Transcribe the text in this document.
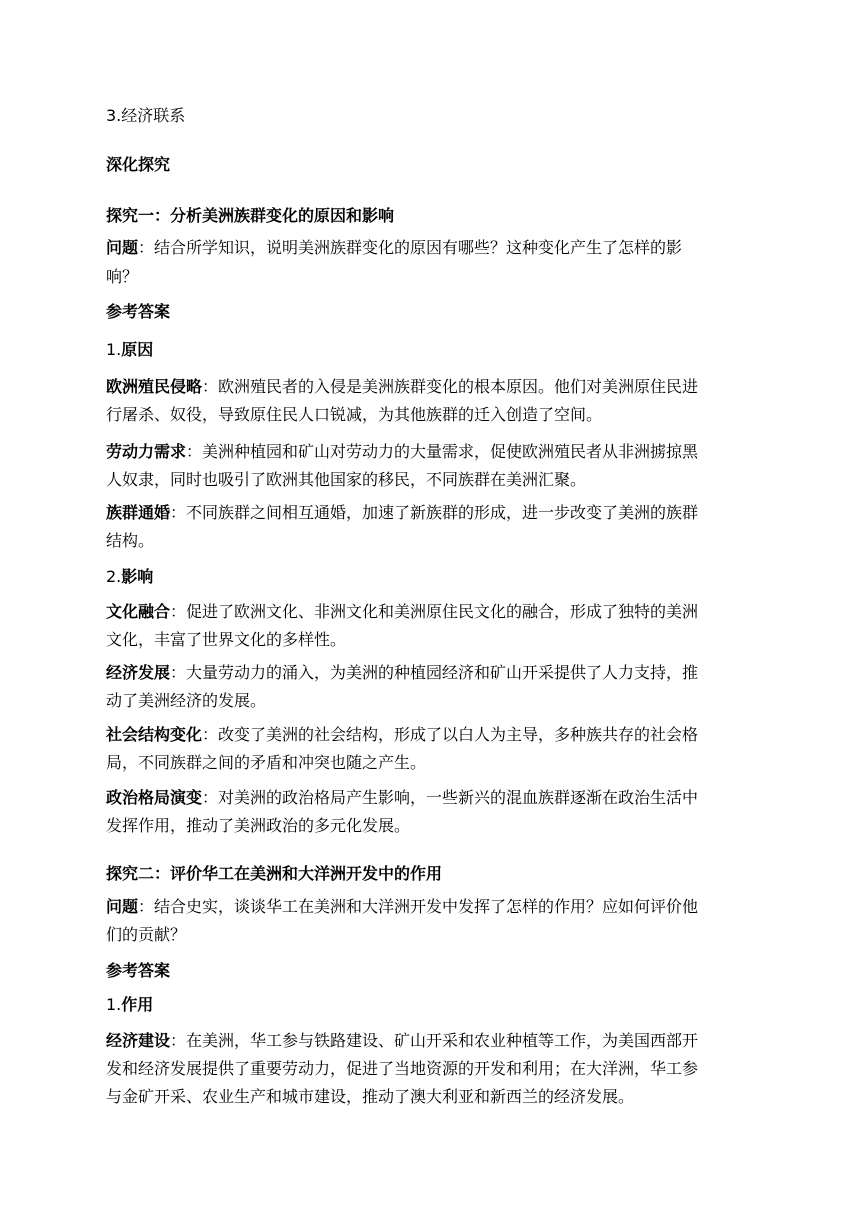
3.经济联系
深化探究
探究一：分析美洲族群变化的原因和影响
问题：结合所学知识，说明美洲族群变化的原因有哪些？这种变化产生了怎样的影
响？
参考答案
1.原因
欧洲殖民侵略：欧洲殖民者的入侵是美洲族群变化的根本原因。他们对美洲原住民进
行屠杀、奴役，导致原住民人口锐减，为其他族群的迁入创造了空间。
劳动力需求：美洲种植园和矿山对劳动力的大量需求，促使欧洲殖民者从非洲掳掠黑
人奴隶，同时也吸引了欧洲其他国家的移民，不同族群在美洲汇聚。
族群通婚：不同族群之间相互通婚，加速了新族群的形成，进一步改变了美洲的族群
结构。
2.影响
文化融合：促进了欧洲文化、非洲文化和美洲原住民文化的融合，形成了独特的美洲
文化，丰富了世界文化的多样性。
经济发展：大量劳动力的涌入，为美洲的种植园经济和矿山开采提供了人力支持，推
动了美洲经济的发展。
社会结构变化：改变了美洲的社会结构，形成了以白人为主导，多种族共存的社会格
局，不同族群之间的矛盾和冲突也随之产生。
政治格局演变：对美洲的政治格局产生影响，一些新兴的混血族群逐渐在政治生活中
发挥作用，推动了美洲政治的多元化发展。
探究二：评价华工在美洲和大洋洲开发中的作用
问题：结合史实，谈谈华工在美洲和大洋洲开发中发挥了怎样的作用？应如何评价他
们的贡献？
参考答案
1.作用
经济建设：在美洲，华工参与铁路建设、矿山开采和农业种植等工作，为美国西部开
发和经济发展提供了重要劳动力，促进了当地资源的开发和利用；在大洋洲，华工参
与金矿开采、农业生产和城市建设，推动了澳大利亚和新西兰的经济发展。
